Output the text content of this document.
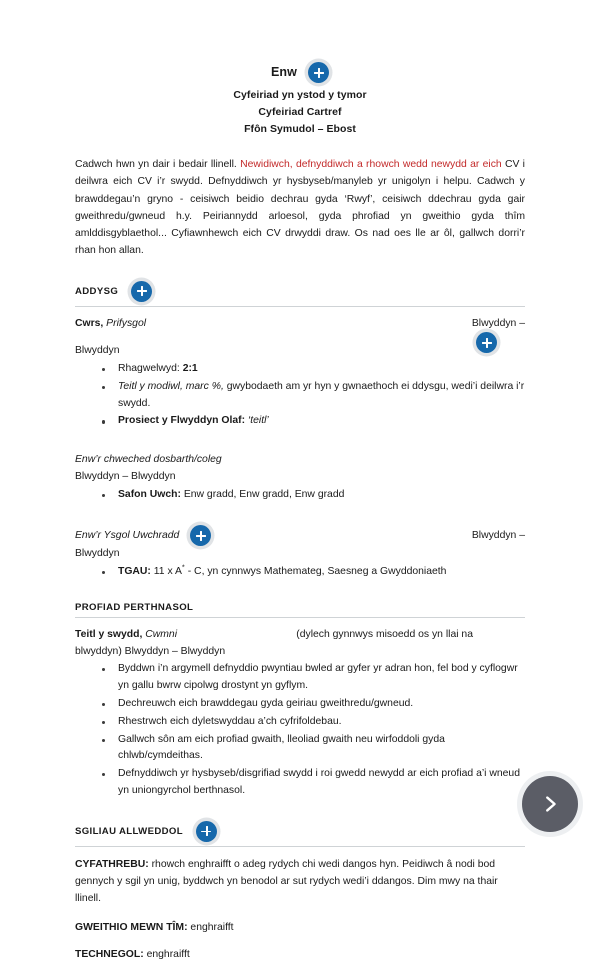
Enw
Cyfeiriad yn ystod y tymor
Cyfeiriad Cartref
Ffôn Symudol – Ebost

Cadwch hwn yn dair i bedair llinell. Newidiwch, defnyddiwch a rhowch wedd newydd ar eich CV i deilwra eich CV i’r swydd. Defnyddiwch yr hysbyseb/manyleb yr unigolyn i helpu. Cadwch y brawddegau’n gryno - ceisiwch beidio dechrau gyda ‘Rwyf’, ceisiwch ddechrau gyda gair gweithredu/gwneud h.y. Peiriannydd arloesol, gyda phrofiad yn gweithio gyda thîm amlddisgyblaethol... Cyfiawnhewch eich CV drwyddi draw. Os nad oes lle ar ôl, gallwch dorri’r rhan hon allan.

ADDYSG
Cwrs, Prifysgol	Blwyddyn –
Blwyddyn
Rhagwelwyd: 2:1
Teitl y modiwl, marc %, gwybodaeth am yr hyn y gwnaethoch ei ddysgu, wedi’i deilwra i’r swydd.
Prosiect y Flwyddyn Olaf: ‘teitl’
Enw’r chweched dosbarth/coleg
Blwyddyn – Blwyddyn
Safon Uwch: Enw gradd, Enw gradd, Enw gradd
Enw’r Ysgol Uwchradd	Blwyddyn –
Blwyddyn
TGAU: 11 x A* - C, yn cynnwys Mathemateg, Saesneg a Gwyddoniaeth
PROFIAD PERTHNASOL
Teitl y swydd, Cwmni	(dylech gynnwys misoedd os yn llai na
blwyddyn) Blwyddyn – Blwyddyn
Byddwn i’n argymell defnyddio pwyntiau bwled ar gyfer yr adran hon, fel bod y cyflogwr yn gallu bwrw cipolwg drostynt yn gyflym.
Dechreuwch eich brawddegau gyda geiriau gweithredu/gwneud.
Rhestrwch eich dyletswyddau a’ch cyfrifoldebau.
Gallwch sôn am eich profiad gwaith, lleoliad gwaith neu wirfoddoli gyda chlwb/cymdeithas.
Defnyddiwch yr hysbyseb/disgrifiad swydd i roi gwedd newydd ar eich profiad a’i wneud yn uniongyrchol berthnasol.
SGILIAU ALLWEDDOL
CYFATHREBU: rhowch enghraifft o adeg rydych chi wedi dangos hyn. Peidiwch â nodi bod gennych y sgil yn unig, byddwch yn benodol ar sut rydych wedi’i ddangos. Dim mwy na thair llinell.
GWEITHIO MEWN TÎM: enghraifft
TECHNEGOL: enghraifft
